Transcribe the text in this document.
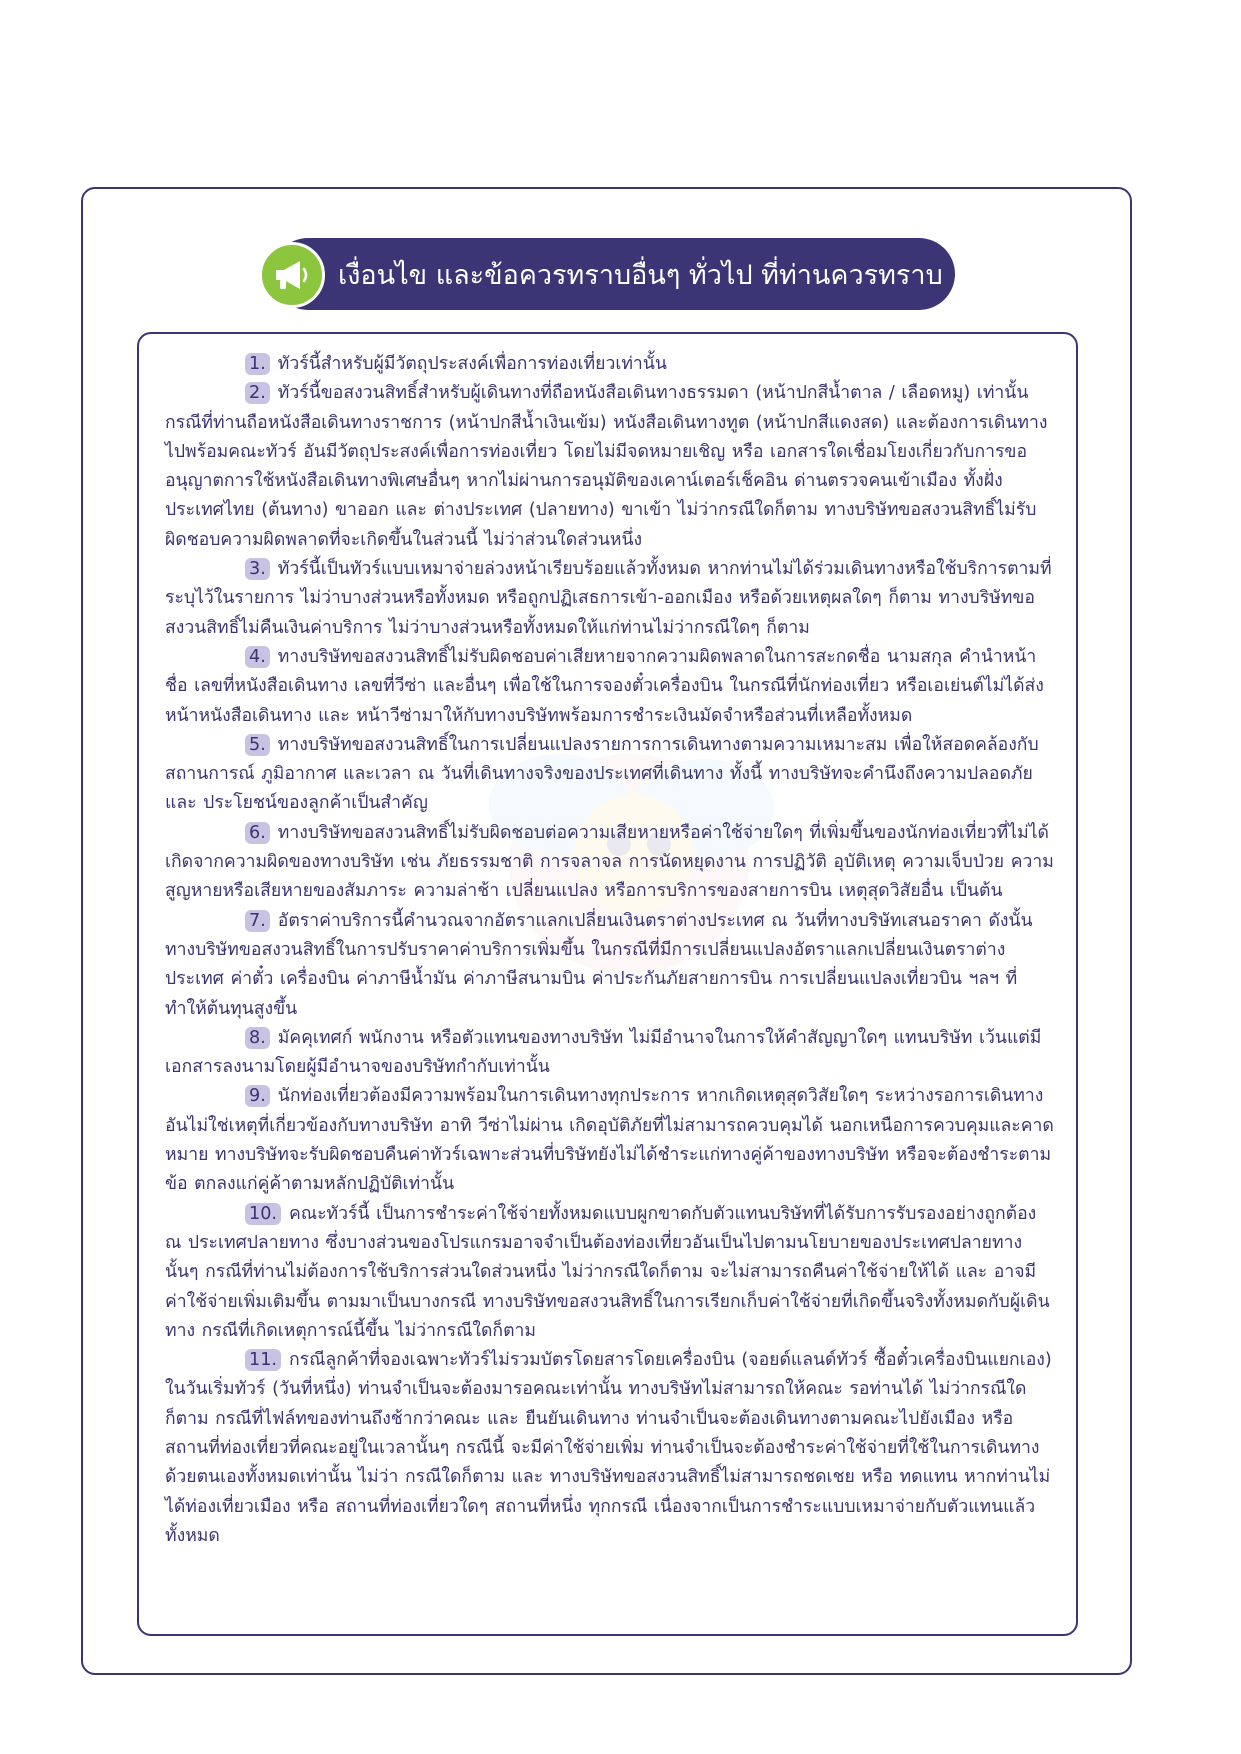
เงื่อนไข และข้อควรทราบอื่นๆ ทั่วไป ที่ท่านควรทราบ

1. ทัวร์นี้สำหรับผู้มีวัตถุประสงค์เพื่อการท่องเที่ยวเท่านั้น

2. ทัวร์นี้ขอสงวนสิทธิ์สำหรับผู้เดินทางที่ถือหนังสือเดินทางธรรมดา (หน้าปกสีน้ำตาล / เลือดหมู) เท่านั้น กรณีที่ท่านถือหนังสือเดินทางราชการ (หน้าปกสีน้ำเงินเข้ม) หนังสือเดินทางทูต (หน้าปกสีแดงสด) และต้องการเดินทางไปพร้อมคณะทัวร์ อันมีวัตถุประสงค์เพื่อการท่องเที่ยว โดยไม่มีจดหมายเชิญ หรือ เอกสารใดเชื่อมโยงเกี่ยวกับการขออนุญาตการใช้หนังสือเดินทางพิเศษอื่นๆ หากไม่ผ่านการอนุมัติของเคาน์เตอร์เช็คอิน ด่านตรวจคนเข้าเมือง ทั้งฝั่งประเทศไทย (ต้นทาง) ขาออก และ ต่างประเทศ (ปลายทาง) ขาเข้า ไม่ว่ากรณีใดก็ตาม ทางบริษัทขอสงวนสิทธิ์ไม่รับผิดชอบความผิดพลาดที่จะเกิดขึ้นในส่วนนี้ ไม่ว่าส่วนใดส่วนหนึ่ง

3. ทัวร์นี้เป็นทัวร์แบบเหมาจ่ายล่วงหน้าเรียบร้อยแล้วทั้งหมด หากท่านไม่ได้ร่วมเดินทางหรือใช้บริการตามที่ระบุไว้ในรายการ ไม่ว่าบางส่วนหรือทั้งหมด หรือถูกปฏิเสธการเข้า-ออกเมือง หรือด้วยเหตุผลใดๆ ก็ตาม ทางบริษัทขอสงวนสิทธิ์ไม่คืนเงินค่าบริการ ไม่ว่าบางส่วนหรือทั้งหมดให้แก่ท่านไม่ว่ากรณีใดๆ ก็ตาม

4. ทางบริษัทขอสงวนสิทธิ์ไม่รับผิดชอบค่าเสียหายจากความผิดพลาดในการสะกดชื่อ นามสกุล คำนำหน้าชื่อ เลขที่หนังสือเดินทาง เลขที่วีซ่า และอื่นๆ เพื่อใช้ในการจองตั๋วเครื่องบิน ในกรณีที่นักท่องเที่ยว หรือเอเย่นต์ไม่ได้ส่งหน้าหนังสือเดินทาง และ หน้าวีซ่ามาให้กับทางบริษัทพร้อมการชำระเงินมัดจำหรือส่วนที่เหลือทั้งหมด

5. ทางบริษัทขอสงวนสิทธิ์ในการเปลี่ยนแปลงรายการการเดินทางตามความเหมาะสม เพื่อให้สอดคล้องกับ สถานการณ์ ภูมิอากาศ และเวลา ณ วันที่เดินทางจริงของประเทศที่เดินทาง ทั้งนี้ ทางบริษัทจะคำนึงถึงความปลอดภัย และ ประโยชน์ของลูกค้าเป็นสำคัญ

6. ทางบริษัทขอสงวนสิทธิ์ไม่รับผิดชอบต่อความเสียหายหรือค่าใช้จ่ายใดๆ ที่เพิ่มขึ้นของนักท่องเที่ยวที่ไม่ได้เกิดจากความผิดของทางบริษัท เช่น ภัยธรรมชาติ การจลาจล การนัดหยุดงาน การปฏิวัติ อุบัติเหตุ ความเจ็บป่วย ความสูญหายหรือเสียหายของสัมภาระ ความล่าช้า เปลี่ยนแปลง หรือการบริการของสายการบิน เหตุสุดวิสัยอื่น เป็นต้น

7. อัตราค่าบริการนี้คำนวณจากอัตราแลกเปลี่ยนเงินตราต่างประเทศ ณ วันที่ทางบริษัทเสนอราคา ดังนั้น ทางบริษัทขอสงวนสิทธิ์ในการปรับราคาค่าบริการเพิ่มขึ้น ในกรณีที่มีการเปลี่ยนแปลงอัตราแลกเปลี่ยนเงินตราต่างประเทศ ค่าตั๋ว เครื่องบิน ค่าภาษีน้ำมัน ค่าภาษีสนามบิน ค่าประกันภัยสายการบิน การเปลี่ยนแปลงเที่ยวบิน ฯลฯ ที่ทำให้ต้นทุนสูงขึ้น

8. มัคคุเทศก์ พนักงาน หรือตัวแทนของทางบริษัท ไม่มีอำนาจในการให้คำสัญญาใดๆ แทนบริษัท เว้นแต่มีเอกสารลงนามโดยผู้มีอำนาจของบริษัทกำกับเท่านั้น

9. นักท่องเที่ยวต้องมีความพร้อมในการเดินทางทุกประการ หากเกิดเหตุสุดวิสัยใดๆ ระหว่างรอการเดินทาง อันไม่ใช่เหตุที่เกี่ยวข้องกับทางบริษัท อาทิ วีซ่าไม่ผ่าน เกิดอุบัติภัยที่ไม่สามารถควบคุมได้ นอกเหนือการควบคุมและคาดหมาย ทางบริษัทจะรับผิดชอบคืนค่าทัวร์เฉพาะส่วนที่บริษัทยังไม่ได้ชำระแก่ทางคู่ค้าของทางบริษัท หรือจะต้องชำระตามข้อ ตกลงแก่คู่ค้าตามหลักปฏิบัติเท่านั้น

10. คณะทัวร์นี้ เป็นการชำระค่าใช้จ่ายทั้งหมดแบบผูกขาดกับตัวแทนบริษัทที่ได้รับการรับรองอย่างถูกต้อง ณ ประเทศปลายทาง ซึ่งบางส่วนของโปรแกรมอาจจำเป็นต้องท่องเที่ยวอันเป็นไปตามนโยบายของประเทศปลายทางนั้นๆ กรณีที่ท่านไม่ต้องการใช้บริการส่วนใดส่วนหนึ่ง ไม่ว่ากรณีใดก็ตาม จะไม่สามารถคืนค่าใช้จ่ายให้ได้ และ อาจมีค่าใช้จ่ายเพิ่มเติมขึ้น ตามมาเป็นบางกรณี ทางบริษัทขอสงวนสิทธิ์ในการเรียกเก็บค่าใช้จ่ายที่เกิดขึ้นจริงทั้งหมดกับผู้เดินทาง กรณีที่เกิดเหตุการณ์นี้ขึ้น ไม่ว่ากรณีใดก็ตาม

11. กรณีลูกค้าที่จองเฉพาะทัวร์ไม่รวมบัตรโดยสารโดยเครื่องบิน (จอยด์แลนด์ทัวร์ ซื้อตั๋วเครื่องบินแยกเอง) ในวันเริ่มทัวร์ (วันที่หนึ่ง) ท่านจำเป็นจะต้องมารอคณะเท่านั้น ทางบริษัทไม่สามารถให้คณะ รอท่านได้ ไม่ว่ากรณีใดก็ตาม กรณีที่ไฟล์ทของท่านถึงช้ากว่าคณะ และ ยืนยันเดินทาง ท่านจำเป็นจะต้องเดินทางตามคณะไปยังเมือง หรือ สถานที่ท่องเที่ยวที่คณะอยู่ในเวลานั้นๆ กรณีนี้ จะมีค่าใช้จ่ายเพิ่ม ท่านจำเป็นจะต้องชำระค่าใช้จ่ายที่ใช้ในการเดินทางด้วยตนเองทั้งหมดเท่านั้น ไม่ว่า กรณีใดก็ตาม และ ทางบริษัทขอสงวนสิทธิ์ไม่สามารถชดเชย หรือ ทดแทน หากท่านไม่ได้ท่องเที่ยวเมือง หรือ สถานที่ท่องเที่ยวใดๆ สถานที่หนึ่ง ทุกกรณี เนื่องจากเป็นการชำระแบบเหมาจ่ายกับตัวแทนแล้วทั้งหมด
